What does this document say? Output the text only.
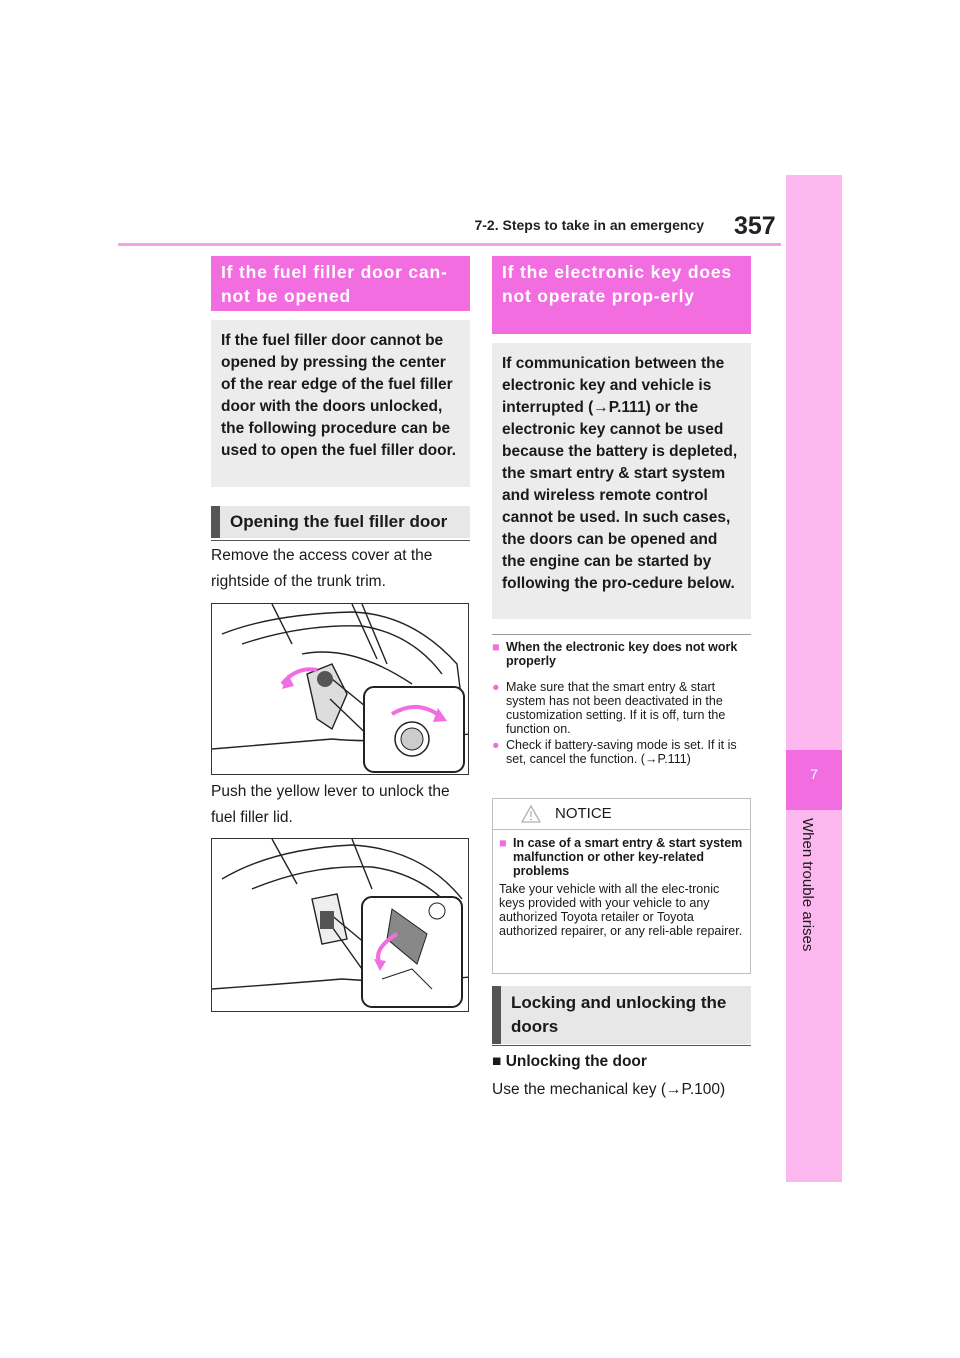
7
When trouble arises
7-2. Steps to take in an emergency 357
If the fuel filler door can-not be opened
If the fuel filler door cannot be opened by pressing the center of the rear edge of the fuel filler door with the doors unlocked, the following procedure can be used to open the fuel filler door.
Opening the fuel filler door
Remove the access cover at the rightside of the trunk trim.
Push the yellow lever to unlock the fuel filler lid.
If the electronic key does not operate prop-erly
If communication between the electronic key and vehicle is interrupted (→P.111) or the electronic key cannot be used because the battery is depleted, the smart entry & start system and wireless remote control cannot be used. In such cases, the doors can be opened and the engine can be started by following the pro-cedure below.
■ When the electronic key does not work properly
● Make sure that the smart entry & start system has not been deactivated in the customization setting. If it is off, turn the function on.
● Check if battery-saving mode is set. If it is set, cancel the function. (→P.111)
NOTICE
■ In case of a smart entry & start system malfunction or other key-related problems
Take your vehicle with all the elec-tronic keys provided with your vehicle to any authorized Toyota retailer or Toyota authorized repairer, or any reli-able repairer.
Locking and unlocking the doors
■ Unlocking the door
Use the mechanical key (→P.100)
